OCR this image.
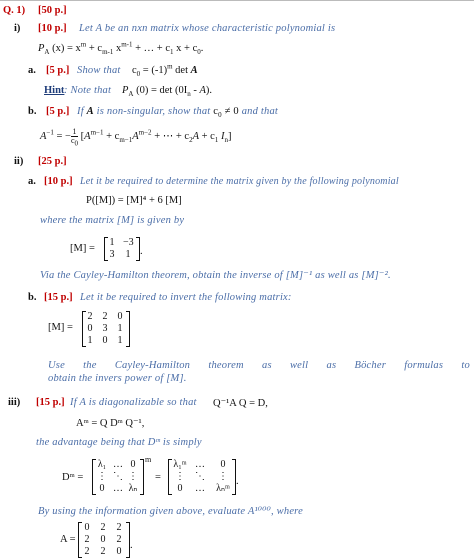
Q. 1) [50 p.]
i) [10 p.] Let A be an nxn matrix whose characteristic polynomial is
$P_A$ $(x) = x^m + c_{m-1}$ $x^{m-1}$ + … + $c_1$ $x + c_0$.
a. [5 p.] Show that $c_0 = (-1)^m$ det A
Hint : Note that $P_A$ $(0) = \det (0I_n - A)$.
b. [5 p.] If A is non-singular, show that $c_0 \ne 0$ and that
$A^{-1}$ = − $\frac{1}{c_0} [A^{m-1} + c_{m-1}A^{m-2}$ + ⋯ + $c_2A + c_1$ $I_n$]
ii) [25 p.]
a. [10 p.] Let it be required to determine the matrix given by the following polynomial
P([M]) = [M]⁴ + 6 [M]
where the matrix [M] is given by
[M] =
1 −3
3 1 .
Via the Cayley-Hamilton theorem, obtain the inverse of [M]⁻¹ as well as [M]⁻².
b. [15 p.] Let it be required to invert the following matrix:
[M] =
2 2 0
0 3 1
1 0 1
Use the Cayley-Hamilton theorem as well as Böcher formulas to
obtain the invers power of [M].
iii) [15 p.] If A is diagonalizable so that Q⁻¹A Q = D,
Aᵐ = Q Dᵐ Q⁻¹,
the advantage being that Dᵐ is simply
Dᵐ =
λ₁ … 0
⋮ ⋱ ⋮
0 … λₙ
m
=
λ₁ᵐ …	0
⋮	⋱	⋮
0	… λₙᵐ
.
By using the information given above, evaluate A¹⁰⁰⁰, where
A =
0 2 2
2 0 2
2 2 0
.
